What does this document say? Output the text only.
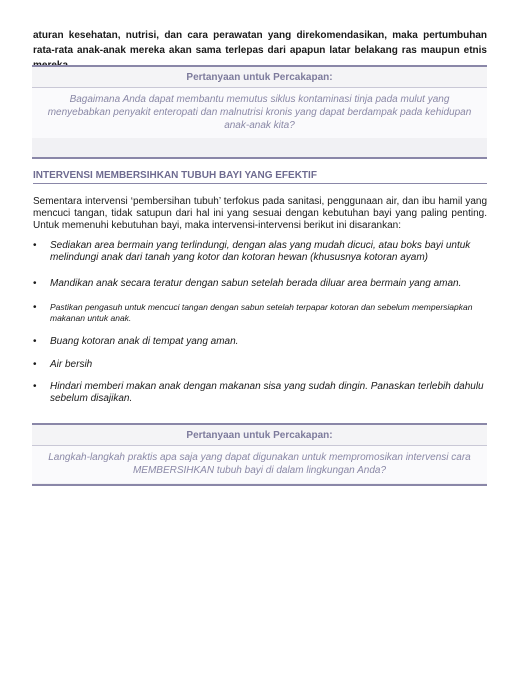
aturan kesehatan, nutrisi, dan cara perawatan yang direkomendasikan, maka pertumbuhan rata-rata anak-anak mereka akan sama terlepas dari apapun latar belakang ras maupun etnis

Pertanyaan untuk Percakapan:
Bagaimana Anda dapat membantu memutus siklus kontaminasi tinja pada mulut yang menyebabkan penyakit enteropati dan malnutrisi kronis yang dapat berdampak pada kehidupan anak-anak kita?
INTERVENSI MEMBERSIHKAN TUBUH BAYI YANG EFEKTIF

Sementara intervensi ‘pembersihan tubuh’ terfokus pada sanitasi, penggunaan air, dan ibu hamil yang mencuci tangan, tidak satupun dari hal ini yang sesuai dengan kebutuhan bayi yang paling penting. Untuk memenuhi kebutuhan bayi, maka intervensi-intervensi berikut ini disarankan:

• Sediakan area bermain yang terlindungi, dengan alas yang mudah dicuci, atau boks bayi untuk melindungi anak dari tanah yang kotor dan kotoran hewan (khususnya kotoran ayam)

• Mandikan anak secara teratur dengan sabun setelah berada diluar area bermain yang aman.

• Pastikan pengasuh untuk mencuci tangan dengan sabun setelah terpapar kotoran dan sebelum mempersiapkan makanan untuk anak.

• Buang kotoran anak di tempat yang aman.

• Air bersih

• Hindari memberi makan anak dengan makanan sisa yang sudah dingin. Panaskan terlebih dahulu sebelum disajikan.

Pertanyaan untuk Percakapan:
Langkah-langkah praktis apa saja yang dapat digunakan untuk mempromosikan intervensi cara MEMBERSIHKAN tubuh bayi di dalam lingkungan Anda?
